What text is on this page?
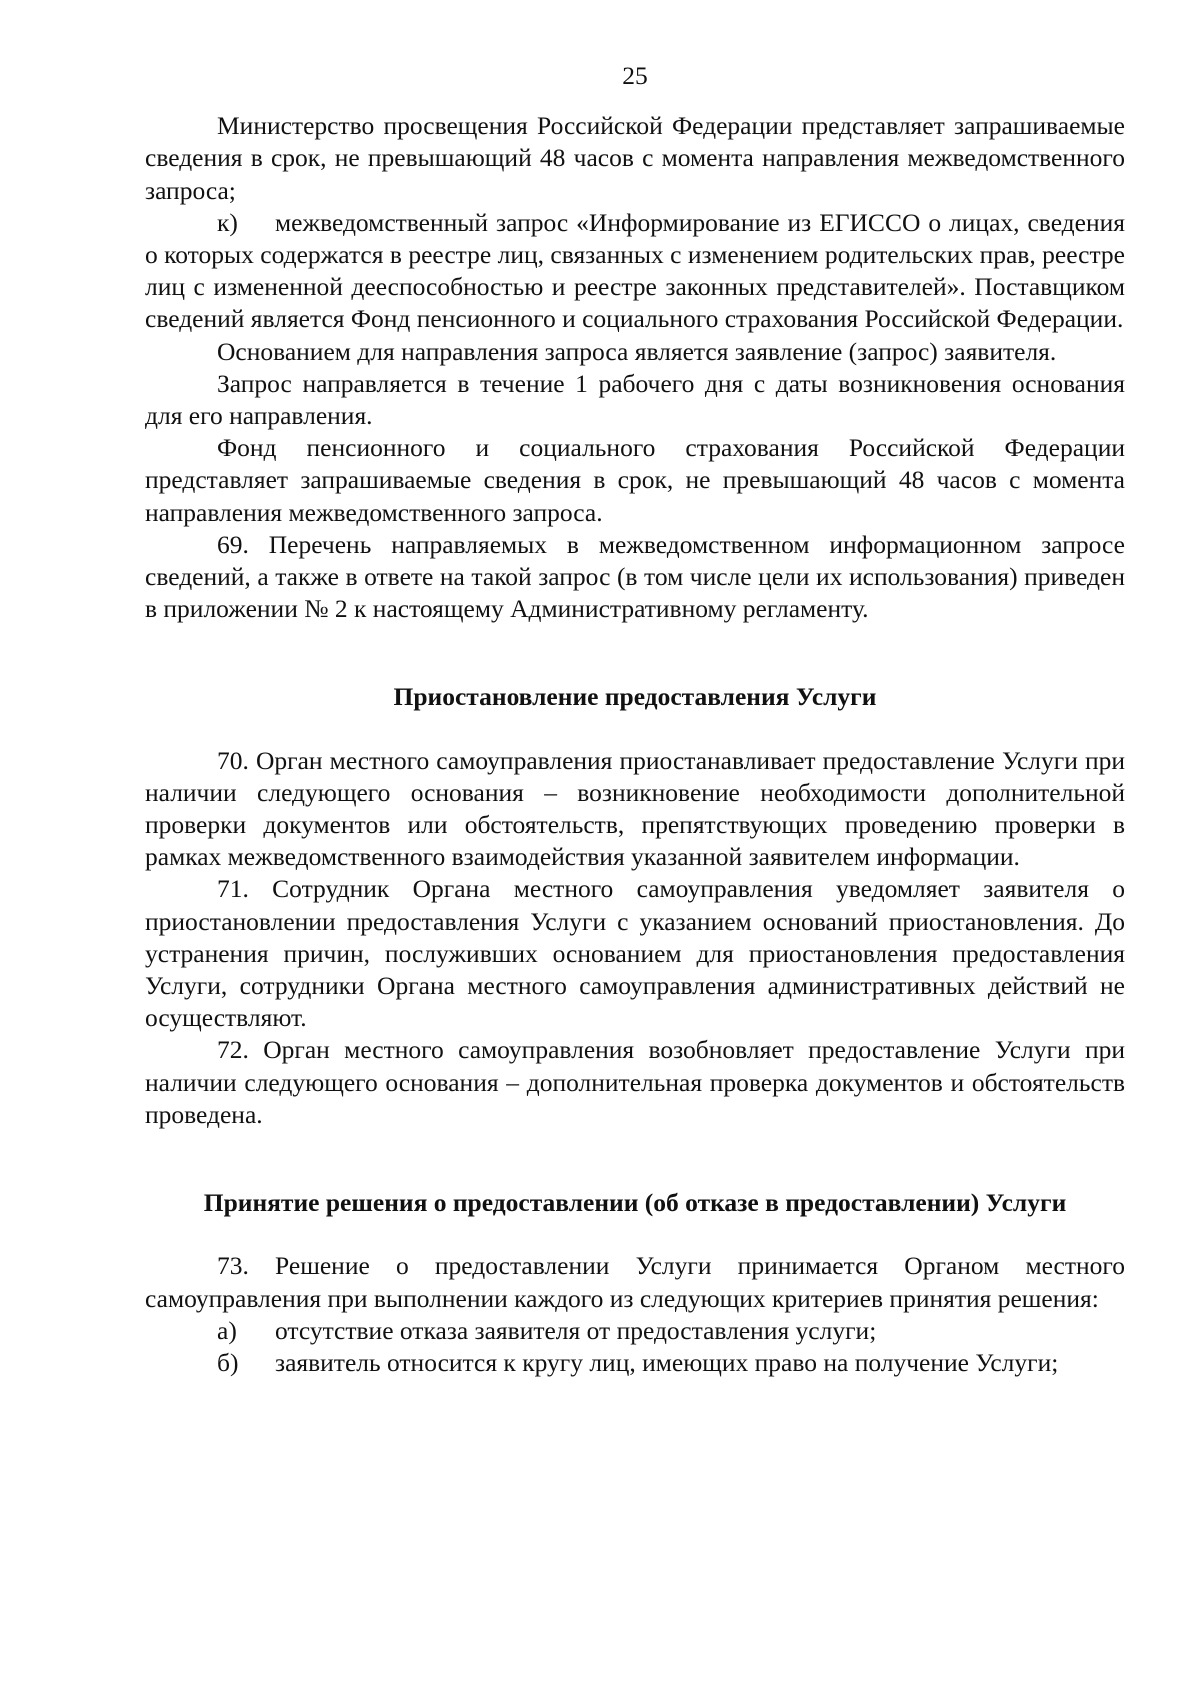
25

Министерство просвещения Российской Федерации представляет запрашиваемые сведения в срок, не превышающий 48 часов с момента направления межведомственного запроса;

к) межведомственный запрос «Информирование из ЕГИССО о лицах, сведения о которых содержатся в реестре лиц, связанных с изменением родительских прав, реестре лиц с измененной дееспособностью и реестре законных представителей». Поставщиком сведений является Фонд пенсионного и социального страхования Российской Федерации.

Основанием для направления запроса является заявление (запрос) заявителя.

Запрос направляется в течение 1 рабочего дня с даты возникновения основания для его направления.

Фонд пенсионного и социального страхования Российской Федерации представляет запрашиваемые сведения в срок, не превышающий 48 часов с момента направления межведомственного запроса.

69. Перечень направляемых в межведомственном информационном запросе сведений, а также в ответе на такой запрос (в том числе цели их использования) приведен в приложении № 2 к настоящему Административному регламенту.

Приостановление предоставления Услуги

70. Орган местного самоуправления приостанавливает предоставление Услуги при наличии следующего основания – возникновение необходимости дополнительной проверки документов или обстоятельств, препятствующих проведению проверки в рамках межведомственного взаимодействия указанной заявителем информации.

71. Сотрудник Органа местного самоуправления уведомляет заявителя о приостановлении предоставления Услуги с указанием оснований приостановления. До устранения причин, послуживших основанием для приостановления предоставления Услуги, сотрудники Органа местного самоуправления административных действий не осуществляют.

72. Орган местного самоуправления возобновляет предоставление Услуги при наличии следующего основания – дополнительная проверка документов и обстоятельств проведена.

Принятие решения о предоставлении (об отказе в предоставлении) Услуги

73. Решение о предоставлении Услуги принимается Органом местного самоуправления при выполнении каждого из следующих критериев принятия решения:

а) отсутствие отказа заявителя от предоставления услуги;

б) заявитель относится к кругу лиц, имеющих право на получение Услуги;
